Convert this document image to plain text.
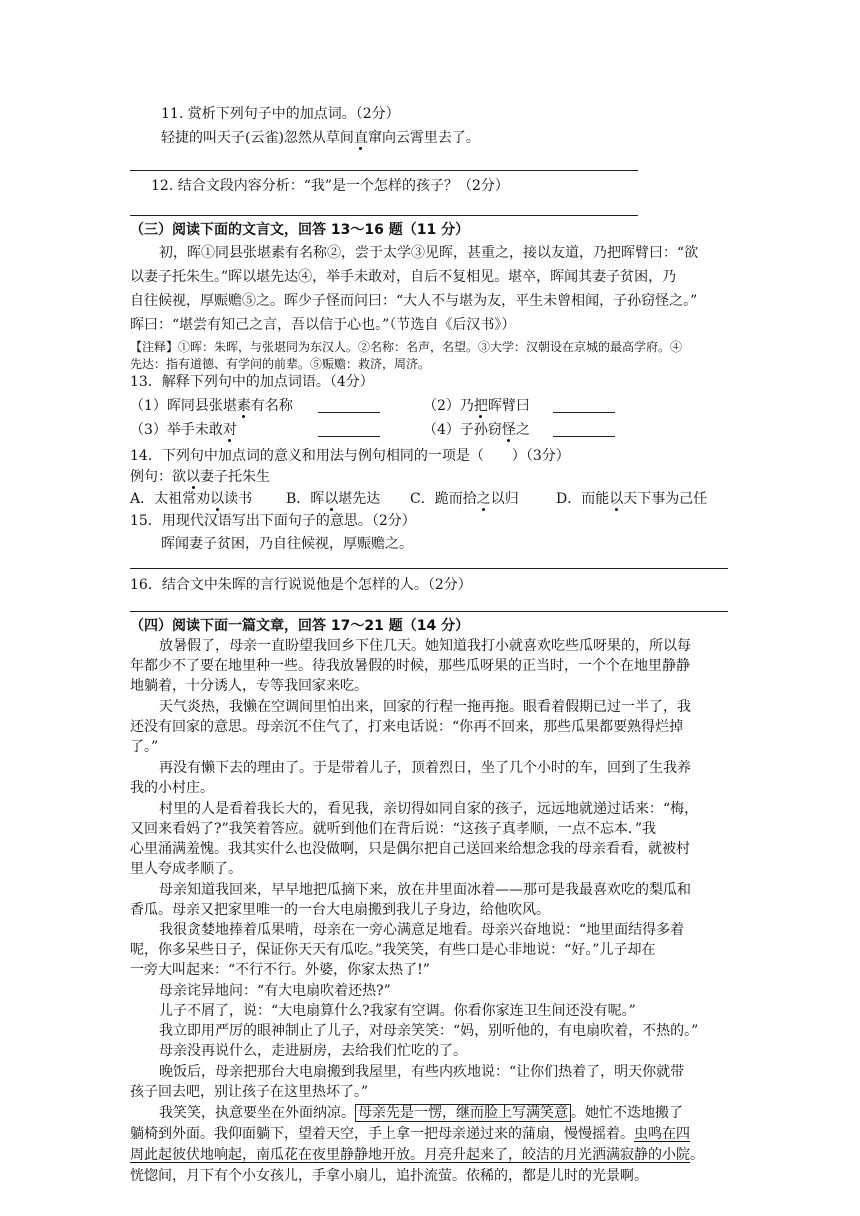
11. 赏析下列句子中的加点词。（2分）
轻捷的叫天子(云雀)忽然从草间直窜向云霄里去了。
12. 结合文段内容分析：“我”是一个怎样的孩子？（2分）
（三）阅读下面的文言文，回答 13～16 题（11 分）
初，晖①同县张堪素有名称②，尝于太学③见晖，甚重之，接以友道，乃把晖臂曰：“欲
以妻子托朱生。”晖以堪先达④，举手未敢对，自后不复相见。堪卒，晖闻其妻子贫困，乃
自往候视，厚赈赡⑤之。晖少子怪而问曰：“大人不与堪为友，平生未曾相闻，子孙窃怪之。”
晖曰：“堪尝有知己之言，吾以信于心也。”（节选自《后汉书》）
【注释】①晖：朱晖，与张堪同为东汉人。②名称：名声，名望。③大学：汉朝设在京城的最高学府。④
先达：指有道德、有学问的前辈。⑤赈赡：救济，周济。
13．解释下列句中的加点词语。（4分）
（1）晖同县张堪素有名称	（2）乃把晖臂曰
（3）举手未敢对	（4）子孙窃怪之
14．下列句中加点词的意义和用法与例句相同的一项是（　　）（3分）
例句：欲以妻子托朱生
A．太祖常劝以读书 B．晖以堪先达 C．跪而拾之以归	D．而能以天下事为己任
15．用现代汉语写出下面句子的意思。（2分）
晖闻妻子贫困，乃自往候视，厚赈赡之。
16．结合文中朱晖的言行说说他是个怎样的人。（2分）
（四）阅读下面一篇文章，回答 17～21 题（14 分）
放暑假了，母亲一直盼望我回乡下住几天。她知道我打小就喜欢吃些瓜呀果的，所以每
年都少不了要在地里种一些。待我放暑假的时候，那些瓜呀果的正当时，一个个在地里静静
地躺着，十分诱人，专等我回家来吃。
天气炎热，我懒在空调间里怕出来，回家的行程一拖再拖。眼看着假期已过一半了，我
还没有回家的意思。母亲沉不住气了，打来电话说：“你再不回来，那些瓜果都要熟得烂掉
了。”
再没有懒下去的理由了。于是带着儿子，顶着烈日，坐了几个小时的车，回到了生我养
我的小村庄。
村里的人是看着我长大的，看见我，亲切得如同自家的孩子，远远地就递过话来：“梅，
又回来看妈了?”我笑着答应。就听到他们在背后说：“这孩子真孝顺，一点不忘本．”我
心里涌满羞愧。我其实什么也没做啊，只是偶尔把自己送回来给想念我的母亲看看，就被村
里人夸成孝顺了。
母亲知道我回来，早早地把瓜摘下来，放在井里面冰着——那可是我最喜欢吃的梨瓜和
香瓜。母亲又把家里唯一的一台大电扇搬到我儿子身边，给他吹风。
我很贪婪地捧着瓜果啃，母亲在一旁心满意足地看。母亲兴奋地说：“地里面结得多着
呢，你多呆些日子，保证你天天有瓜吃。”我笑笑，有些口是心非地说：“好。”儿子却在
一旁大叫起来：“不行不行。外婆，你家太热了!”
母亲诧异地问：“有大电扇吹着还热?”
儿子不屑了，说：“大电扇算什么?我家有空调。你看你家连卫生间还没有呢。”
我立即用严厉的眼神制止了儿子，对母亲笑笑：“妈，别听他的，有电扇吹着，不热的。”
母亲没再说什么，走进厨房，去给我们忙吃的了。
晚饭后，母亲把那台大电扇搬到我屋里，有些内疚地说：“让你们热着了，明天你就带
孩子回去吧，别让孩子在这里热坏了。”
我笑笑，执意要坐在外面纳凉。 母亲先是一愣，继而脸上写满笑意 。她忙不迭地搬了
躺椅到外面。我仰面躺下，望着天空，手上拿一把母亲递过来的蒲扇，慢慢摇着。虫鸣在四
周此起彼伏地响起，南瓜花在夜里静静地开放。月亮升起来了，皎洁的月光洒满寂静的小院。
恍惚间，月下有个小女孩儿，手拿小扇儿，追扑流萤。依稀的，都是儿时的光景啊。
